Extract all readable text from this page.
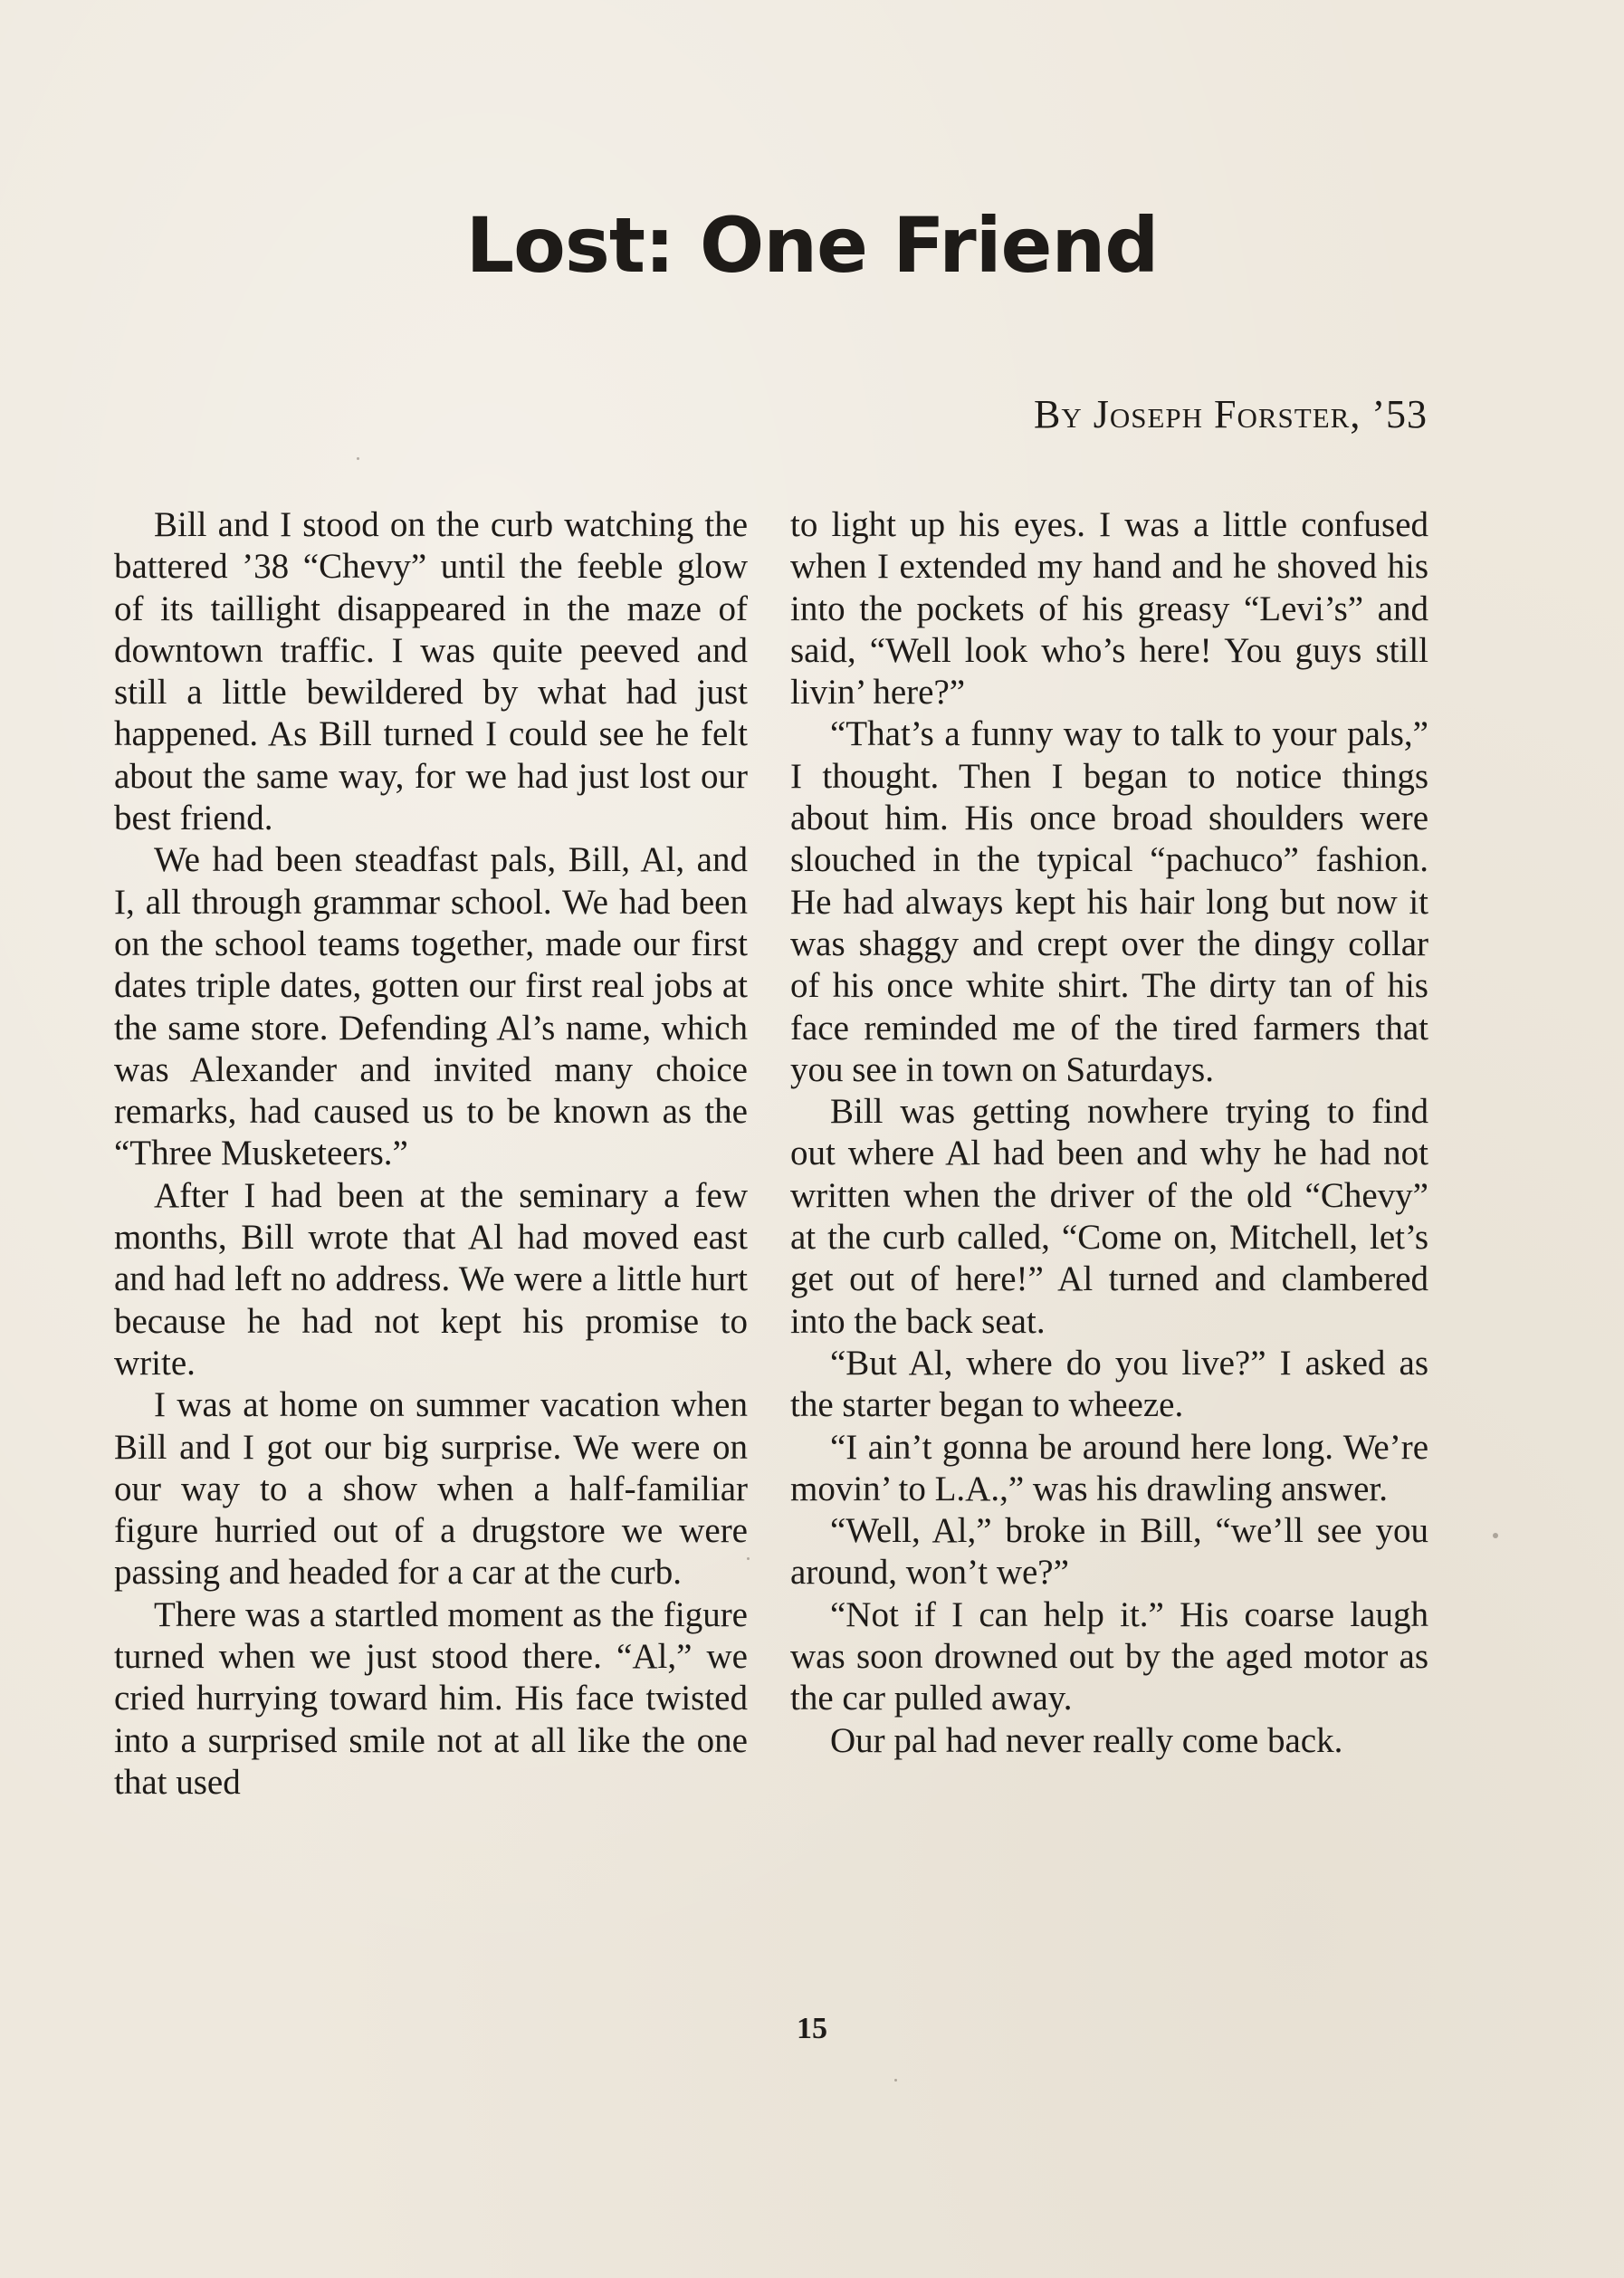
Lost: One Friend

By Joseph Forster, ’53

Bill and I stood on the curb watching the battered ’38 “Chevy” until the feeble glow of its taillight disappeared in the maze of downtown traffic. I was quite peeved and still a little bewildered by what had just happened. As Bill turned I could see he felt about the same way, for we had just lost our best friend.

We had been steadfast pals, Bill, Al, and I, all through grammar school. We had been on the school teams together, made our first dates triple dates, gotten our first real jobs at the same store. Defending Al’s name, which was Alexander and invited many choice remarks, had caused us to be known as the “Three Musketeers.”

After I had been at the seminary a few months, Bill wrote that Al had moved east and had left no address. We were a little hurt because he had not kept his promise to write.

I was at home on summer vacation when Bill and I got our big surprise. We were on our way to a show when a half-familiar figure hurried out of a drugstore we were passing and headed for a car at the curb.

There was a startled moment as the figure turned when we just stood there. “Al,” we cried hurrying toward him. His face twisted into a surprised smile not at all like the one that used

to light up his eyes. I was a little confused when I extended my hand and he shoved his into the pockets of his greasy “Levi’s” and said, “Well look who’s here! You guys still livin’ here?”

“That’s a funny way to talk to your pals,” I thought. Then I began to notice things about him. His once broad shoulders were slouched in the typical “pachuco” fashion. He had always kept his hair long but now it was shaggy and crept over the dingy collar of his once white shirt. The dirty tan of his face reminded me of the tired farmers that you see in town on Saturdays.

Bill was getting nowhere trying to find out where Al had been and why he had not written when the driver of the old “Chevy” at the curb called, “Come on, Mitchell, let’s get out of here!” Al turned and clambered into the back seat.

“But Al, where do you live?” I asked as the starter began to wheeze.

“I ain’t gonna be around here long. We’re movin’ to L.A.,” was his drawling answer.

“Well, Al,” broke in Bill, “we’ll see you around, won’t we?”

“Not if I can help it.” His coarse laugh was soon drowned out by the aged motor as the car pulled away.

Our pal had never really come back.

15
